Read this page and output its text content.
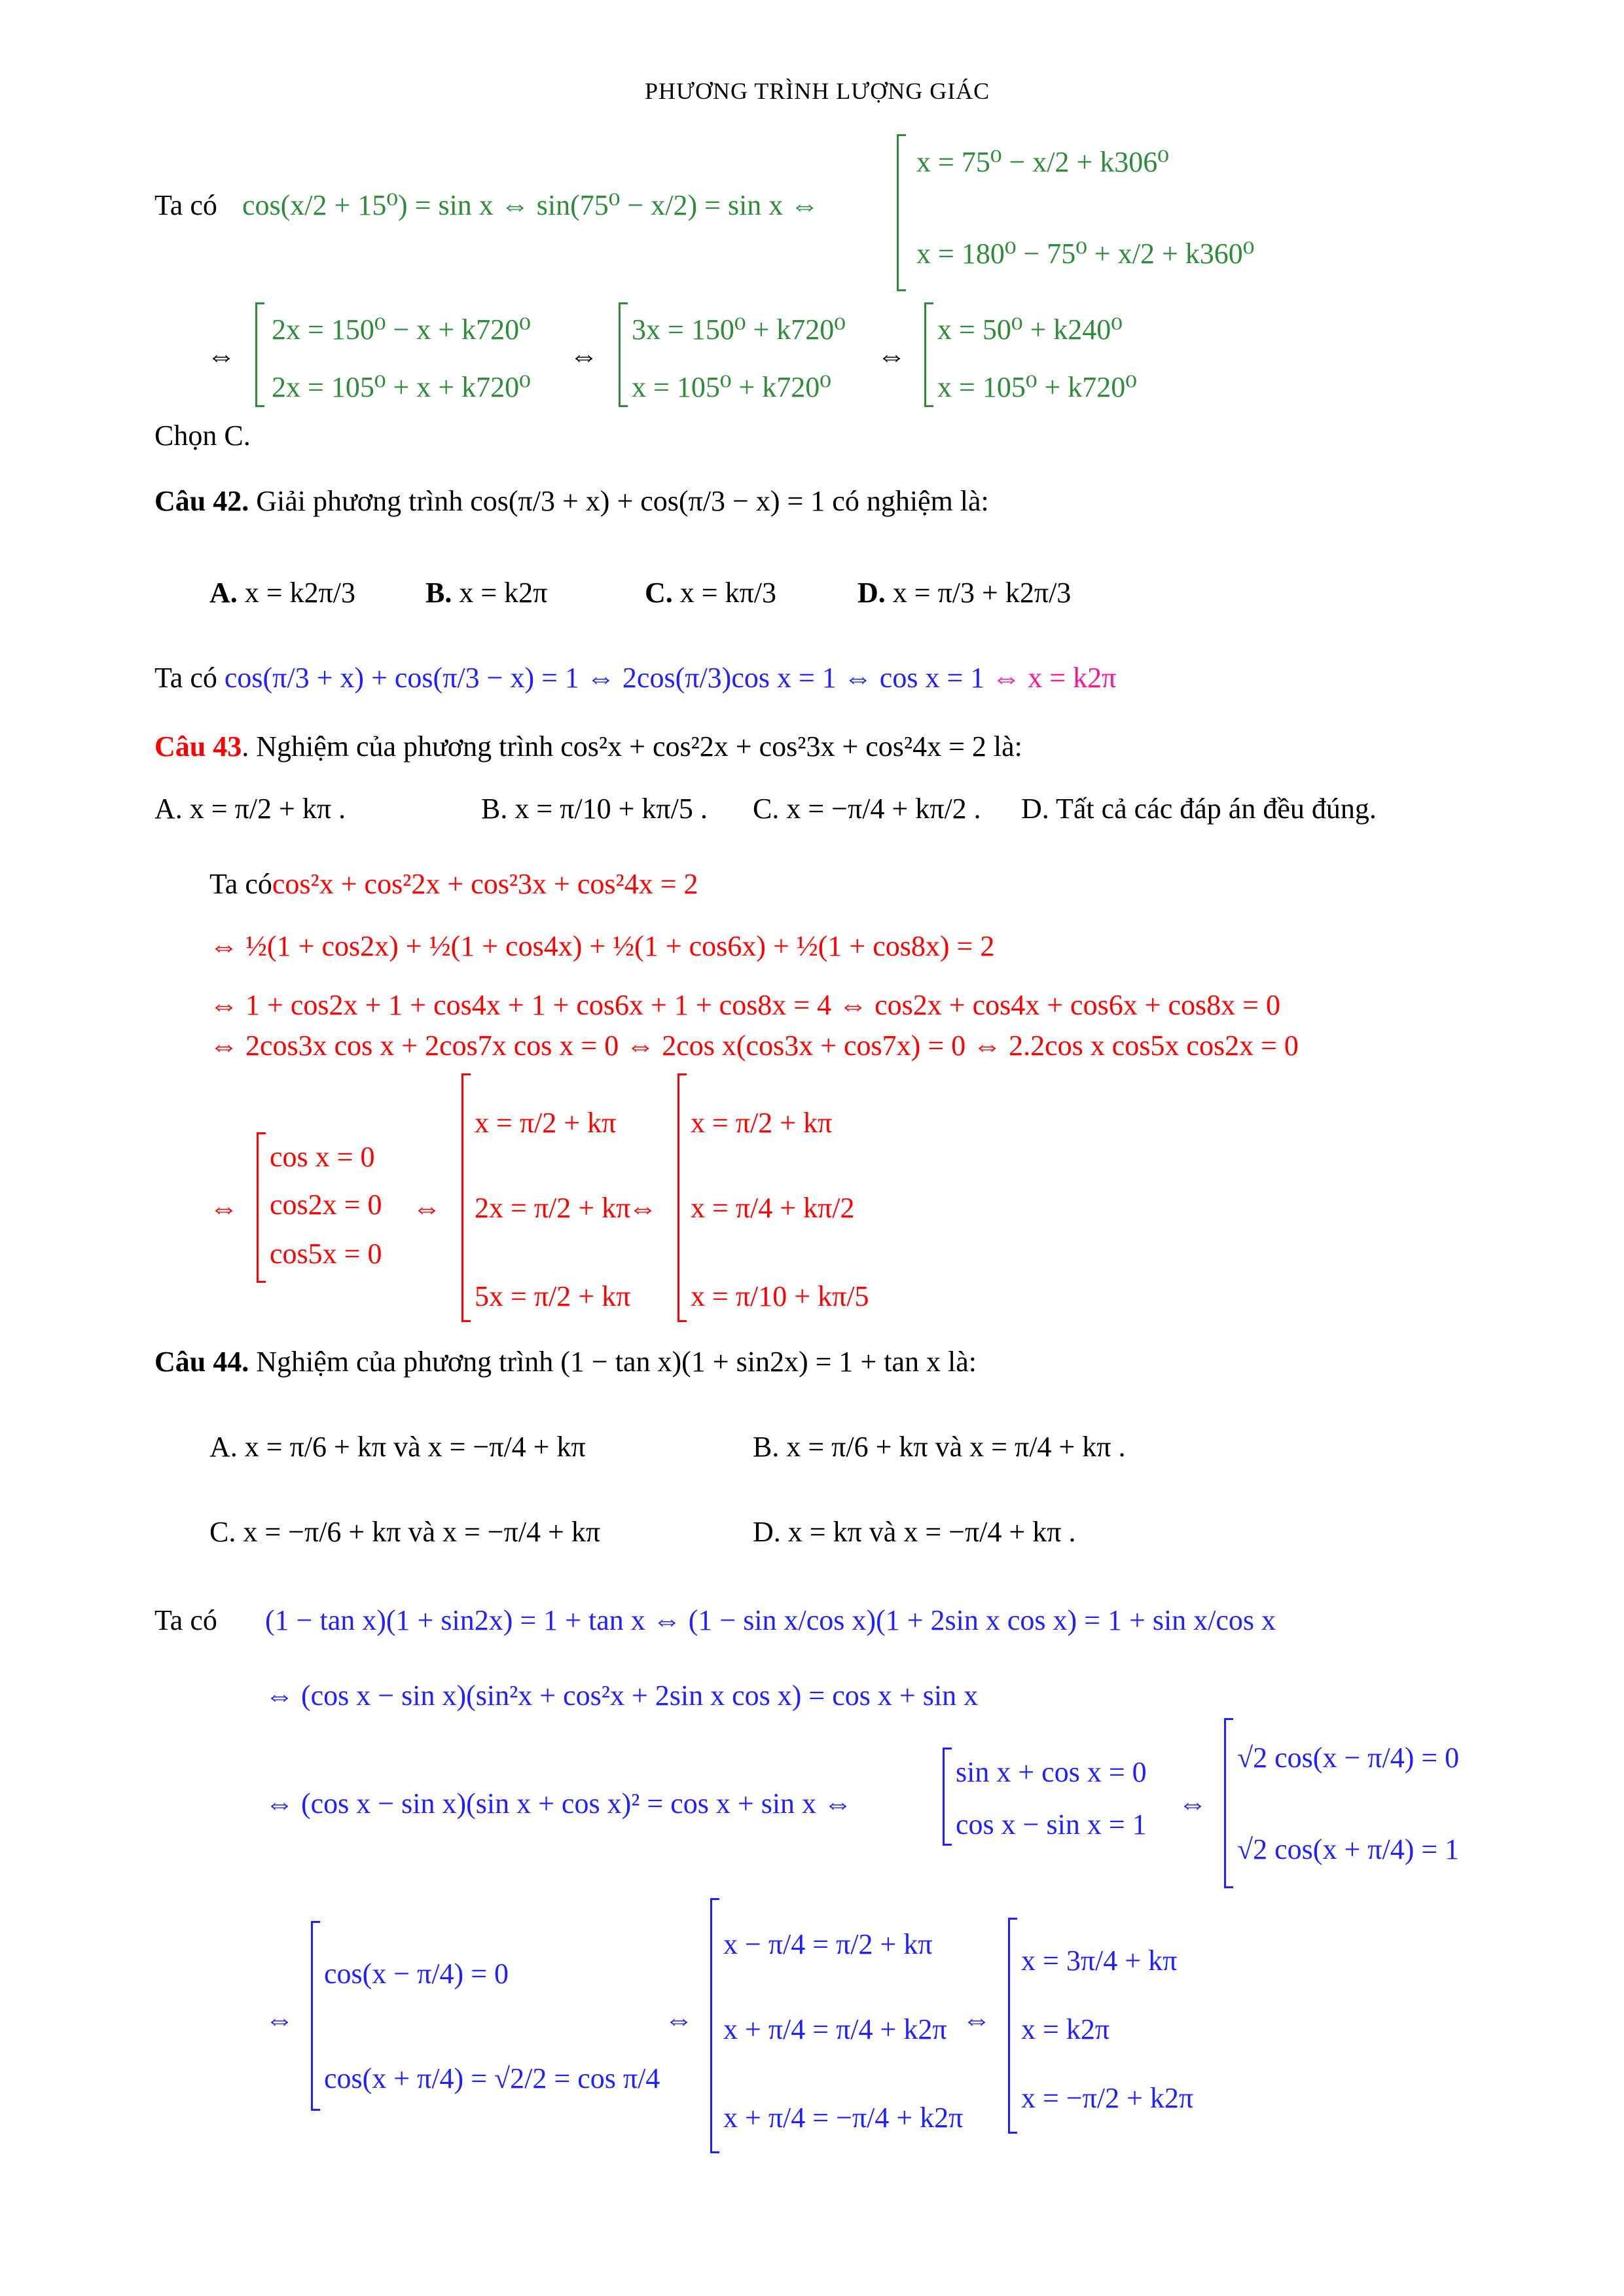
PHƯƠNG TRÌNH LƯỢNG GIÁC
Ta có cos(x/2 + 15⁰) = sin x ⇔ sin(75⁰ − x/2) = sin x ⇔
x = 75⁰ − x/2 + k306⁰
x = 180⁰ − 75⁰ + x/2 + k360⁰
⇔
2x = 150⁰ − x + k720⁰
2x = 105⁰ + x + k720⁰
⇔
3x = 150⁰ + k720⁰
x = 105⁰ + k720⁰
⇔
x = 50⁰ + k240⁰
x = 105⁰ + k720⁰
Chọn C.
Câu 42. Giải phương trình cos(π/3 + x) + cos(π/3 − x) = 1 có nghiệm là:
A. x = k2π/3 B. x = k2π	C. x = kπ/3	D. x = π/3 + k2π/3
Ta có cos(π/3 + x) + cos(π/3 − x) = 1 ⇔ 2cos(π/3)cos x = 1 ⇔ cos x = 1 ⇔ x = k2π
Câu 43. Nghiệm của phương trình cos²x + cos²2x + cos²3x + cos²4x = 2 là:
A. x = π/2 + kπ .	B. x = π/10 + kπ/5 . C. x = −π/4 + kπ/2 . D. Tất cả các đáp án đều đúng.
Ta cócos²x + cos²2x + cos²3x + cos²4x = 2
⇔ ½(1 + cos2x) + ½(1 + cos4x) + ½(1 + cos6x) + ½(1 + cos8x) = 2
⇔ 1 + cos2x + 1 + cos4x + 1 + cos6x + 1 + cos8x = 4 ⇔ cos2x + cos4x + cos6x + cos8x = 0
⇔ 2cos3x cos x + 2cos7x cos x = 0 ⇔ 2cos x(cos3x + cos7x) = 0 ⇔ 2.2cos x cos5x cos2x = 0
⇔
cos x = 0
cos2x = 0
cos5x = 0
⇔
x = π/2 + kπ
2x = π/2 + kπ
5x = π/2 + kπ
⇔
x = π/2 + kπ
x = π/4 + kπ/2
x = π/10 + kπ/5
Câu 44. Nghiệm của phương trình (1 − tan x)(1 + sin2x) = 1 + tan x là:
A. x = π/6 + kπ và x = −π/4 + kπ	B. x = π/6 + kπ và x = π/4 + kπ .
C. x = −π/6 + kπ và x = −π/4 + kπ	D. x = kπ và x = −π/4 + kπ .
Ta có (1 − tan x)(1 + sin2x) = 1 + tan x ⇔ (1 − sin x/cos x)(1 + 2sin x cos x) = 1 + sin x/cos x
⇔ (cos x − sin x)(sin²x + cos²x + 2sin x cos x) = cos x + sin x
⇔ (cos x − sin x)(sin x + cos x)² = cos x + sin x ⇔
sin x + cos x = 0
cos x − sin x = 1
⇔
√2 cos(x − π/4) = 0
√2 cos(x + π/4) = 1
⇔
cos(x − π/4) = 0
cos(x + π/4) = √2/2 = cos π/4
⇔
x − π/4 = π/2 + kπ
x + π/4 = π/4 + k2π
x + π/4 = −π/4 + k2π
⇔
x = 3π/4 + kπ
x = k2π
x = −π/2 + k2π
